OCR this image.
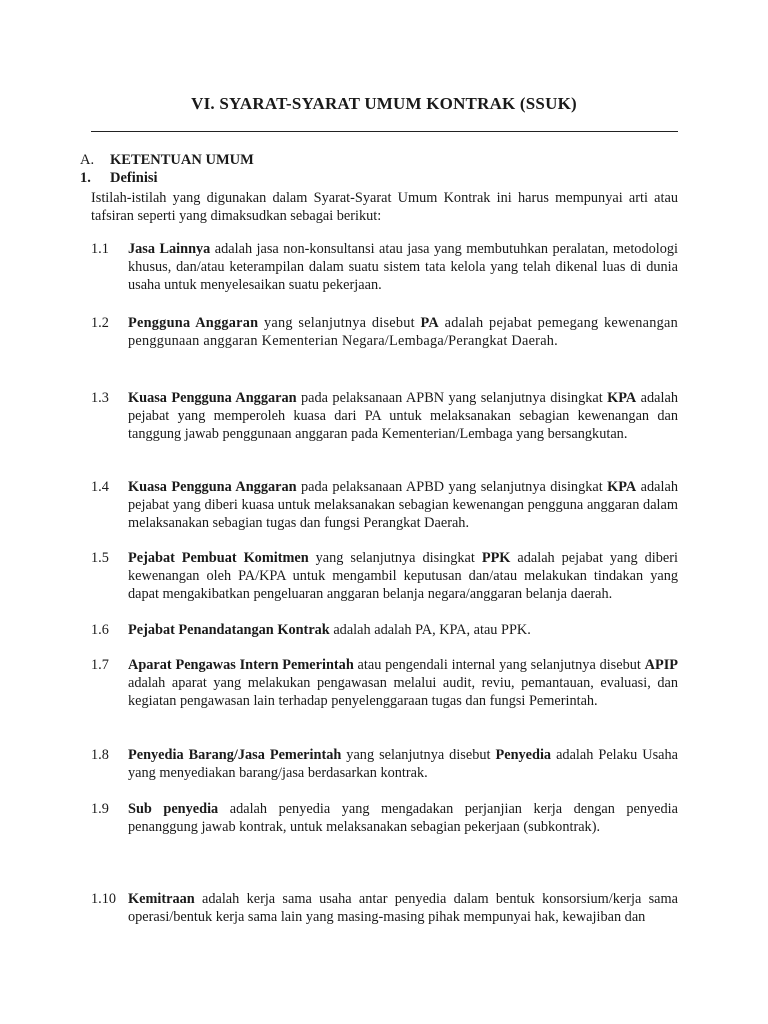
VI. SYARAT-SYARAT UMUM KONTRAK (SSUK)
A. KETENTUAN UMUM
1. Definisi
Istilah-istilah yang digunakan dalam Syarat-Syarat Umum Kontrak ini harus mempunyai arti atau tafsiran seperti yang dimaksudkan sebagai berikut:
1.1 Jasa Lainnya adalah jasa non-konsultansi atau jasa yang membutuhkan peralatan, metodologi khusus, dan/atau keterampilan dalam suatu sistem tata kelola yang telah dikenal luas di dunia usaha untuk menyelesaikan suatu pekerjaan.
1.2 Pengguna Anggaran yang selanjutnya disebut PA adalah pejabat pemegang kewenangan penggunaan anggaran Kementerian Negara/Lembaga/Perangkat Daerah.
1.3 Kuasa Pengguna Anggaran pada pelaksanaan APBN yang selanjutnya disingkat KPA adalah pejabat yang memperoleh kuasa dari PA untuk melaksanakan sebagian kewenangan dan tanggung jawab penggunaan anggaran pada Kementerian/Lembaga yang bersangkutan.
1.4 Kuasa Pengguna Anggaran pada pelaksanaan APBD yang selanjutnya disingkat KPA adalah pejabat yang diberi kuasa untuk melaksanakan sebagian kewenangan pengguna anggaran dalam melaksanakan sebagian tugas dan fungsi Perangkat Daerah.
1.5 Pejabat Pembuat Komitmen yang selanjutnya disingkat PPK adalah pejabat yang diberi kewenangan oleh PA/KPA untuk mengambil keputusan dan/atau melakukan tindakan yang dapat mengakibatkan pengeluaran anggaran belanja negara/anggaran belanja daerah.
1.6 Pejabat Penandatangan Kontrak adalah adalah PA, KPA, atau PPK.
1.7 Aparat Pengawas Intern Pemerintah atau pengendali internal yang selanjutnya disebut APIP adalah aparat yang melakukan pengawasan melalui audit, reviu, pemantauan, evaluasi, dan kegiatan pengawasan lain terhadap penyelenggaraan tugas dan fungsi Pemerintah.
1.8 Penyedia Barang/Jasa Pemerintah yang selanjutnya disebut Penyedia adalah Pelaku Usaha yang menyediakan barang/jasa berdasarkan kontrak.
1.9 Sub penyedia adalah penyedia yang mengadakan perjanjian kerja dengan penyedia penanggung jawab kontrak, untuk melaksanakan sebagian pekerjaan (subkontrak).
1.10 Kemitraan adalah kerja sama usaha antar penyedia dalam bentuk konsorsium/kerja sama operasi/bentuk kerja sama lain yang masing-masing pihak mempunyai hak, kewajiban dan
